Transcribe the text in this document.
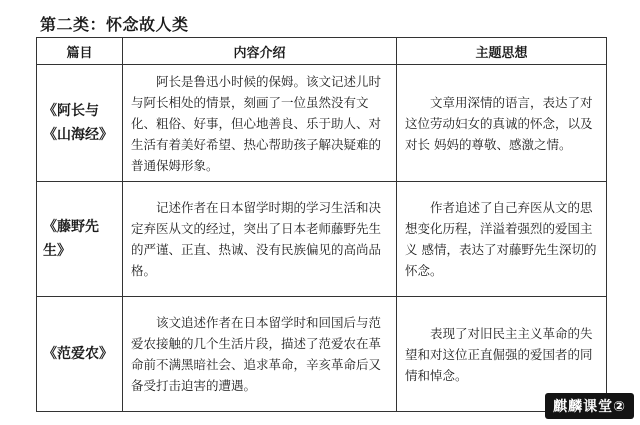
第二类：怀念故人类
篇目	内容介绍	主题思想
《阿长与《山海经》	阿长是鲁迅小时候的保姆。该文记述儿时与阿长相处的情景，刻画了一位虽然没有文化、粗俗、好事，但心地善良、乐于助人、对生活有着美好希望、热心帮助孩子解决疑难的普通保姆形象。	文章用深情的语言，表达了对这位劳动妇女的真诚的怀念，以及对长 妈妈的尊敬、感激之情。
《藤野先生》	记述作者在日本留学时期的学习生活和决定弃医从文的经过，突出了日本老师藤野先生的严谨、正直、热诚、没有民族偏见的高尚品格。	作者追述了自己弃医从文的思想变化历程，洋溢着强烈的爱国主义 感情，表达了对藤野先生深切的怀念。
《范爱农》	该文追述作者在日本留学时和回国后与范爱农接触的几个生活片段，描述了范爱农在革命前不满黑暗社会、追求革命，辛亥革命后又备受打击迫害的遭遇。	表现了对旧民主主义革命的失望和对这位正直倔强的爱国者的同情和悼念。
麒麟课堂②
